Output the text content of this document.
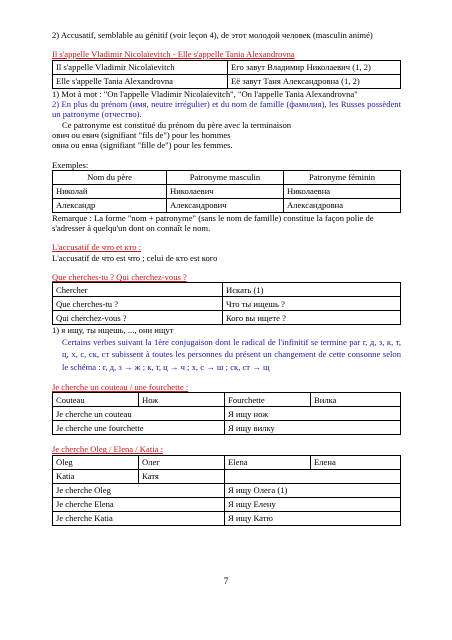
2) Accusatif, semblable au génitif (voir leçon 4), de этот молодой человек (masculin animé)

Il s'appelle Vladimir Nicolaïevitch - Elle s'appelle Tania Alexandrovna

Il s'appelle Vladimir Nicolaïevitch	Его завут Владимир Николаевич (1, 2)
Elle s'appelle Tania Alexandrovna	Её завут Таня Александровна (1, 2)

1) Mot à mot : "On l'appelle Vladimir Nicolaïevitch", "On l'appelle Tania Alexandrovna"

2) En plus du prénom (имя, neutre irrégulier) et du nom de famille (фамилия), les Russes possèdent un patronyme (отчество).

Ce patronyme est constitué du prénom du père avec la terminaison

ович ou евич (signifiant "fils de") pour les hommes

овна ou евна (signifiant "fille de") pour les femmes.

Exemples:

Nom du père	Patronyme masculin	Patronyme féminin
Николай	Николаевич	Николаевна
Александр	Александрович	Александровна

Remarque : La forme "nom + patronyme" (sans le nom de famille) constitue la façon polie de s'adresser à quelqu'un dont on connaît le nom.

L'accusatif de что et кто :

L'accusatif de что est что ; celui de кто est кого

Que cherches-tu ? Qui cherchez-vous ?

Chercher	Искать (1)
Que cherches-tu ?	Что ты ищешь ?
Qui cherchez-vous ?	Кого вы ищете ?

1) я ищу, ты ищешь, ..., они ищут

Certains verbes suivant la 1ère conjugaison dont le radical de l'infinitif se termine par г, д, з, к, т, ц, х, с, ск, ст subissent à toutes les personnes du présent un changement de cette consonne selon le schéma : г, д, з → ж ; к, т, ц → ч ; х, с → ш ; ск, ст → щ

Je cherche un couteau / une fourchette :

Couteau	Нож	Fourchette	Вилка
Je cherche un couteau		Я ищу нож	
Je cherche une fourchette		Я ищу вилку	

Je cherche Oleg / Elena / Katia :

Oleg	Олег	Elena	Елена
Katia	Катя		
Je cherche Oleg		Я ищу Олега (1)	
Je cherche Elena		Я ищу Елену	
Je cherche Katia		Я ищу Катю	
7
